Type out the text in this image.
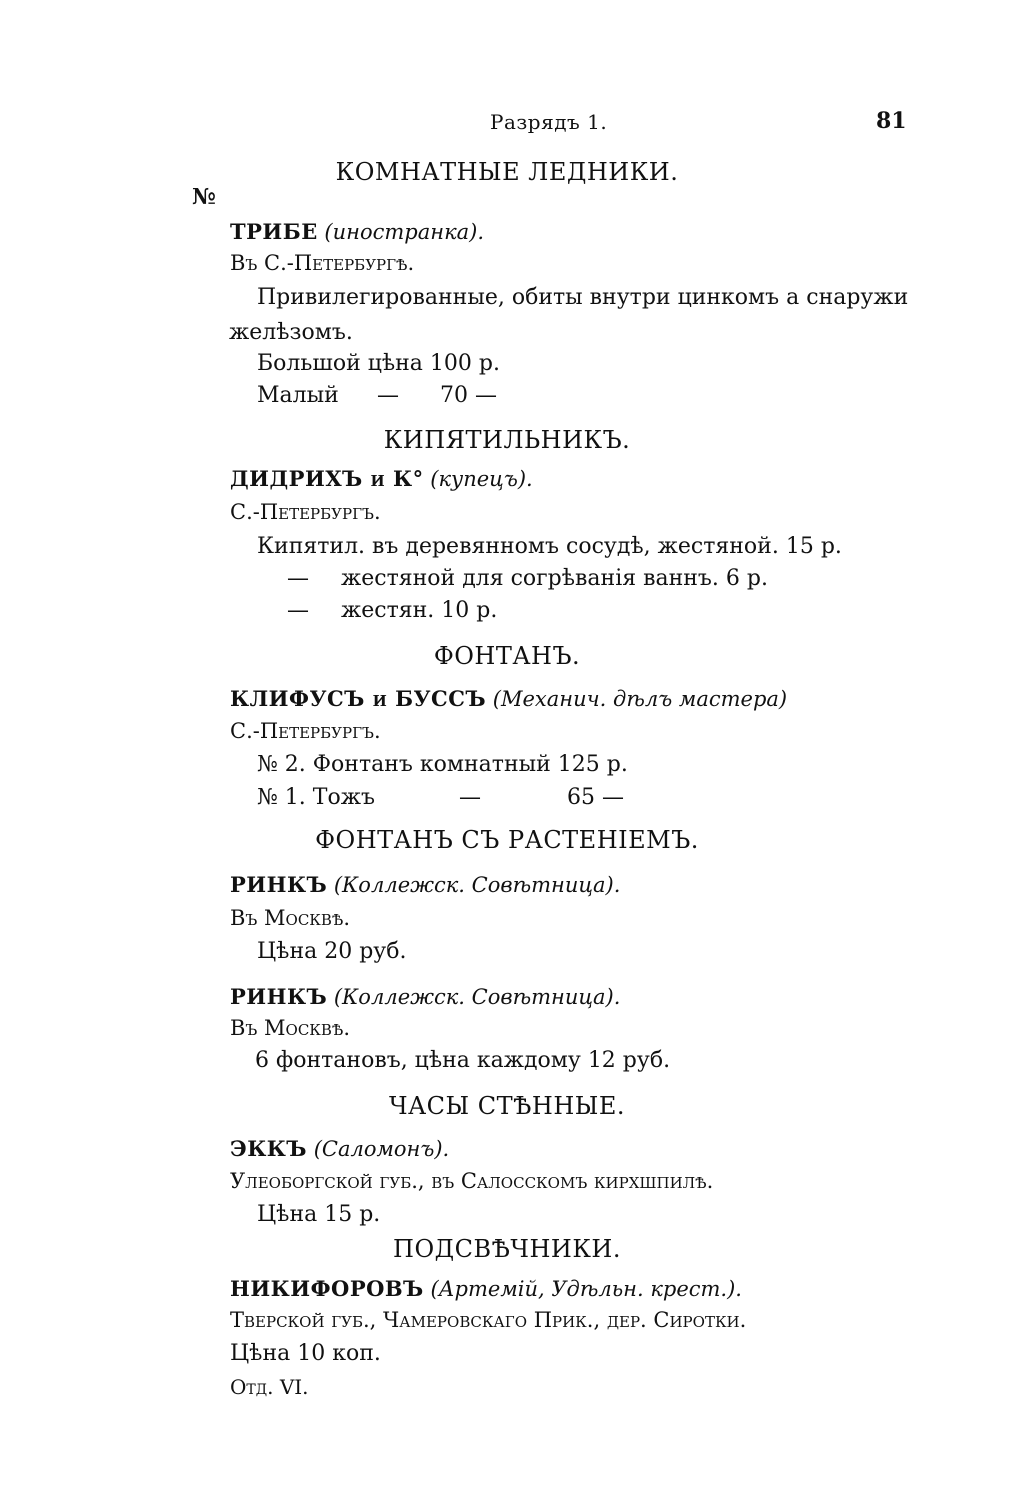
Разрядъ 1.	81
№
КОМНАТНЫЕ ЛЕДНИКИ.
ТРИБЕ (иностранка).
Въ С.-Петербургѣ.
Привилегированные, обиты внутри цинкомъ а снаружи
желѣзомъ.
Большой цѣна 100 р.
Малый — 70 —
КИПЯТИЛЬНИКЪ.
ДИДРИХЪ и К° (купецъ).
С.-Петербургъ.
Кипятил. въ деревянномъ сосудѣ, жестяной. 15 р.
— жестяной для согрѣванія ваннъ. 6 р.
— жестян. 10 р.
ФОНТАНЪ.
КЛИФУСЪ и БУССЪ (Механич. дѣлъ мастера)
С.-Петербургъ.
№ 2. Фонтанъ комнатный 125 р.
№ 1. Тожъ	—	65 —
ФОНТАНЪ СЪ РАСТЕНІЕМЪ.
РИНКЪ (Коллежск. Совѣтница).
Въ Москвѣ.
Цѣна 20 руб.
РИНКЪ (Коллежск. Совѣтница).
Въ Москвѣ.
6 фонтановъ, цѣна каждому 12 руб.
ЧАСЫ СТѢННЫЕ.
ЭККЪ (Саломонъ).
Улеоборгской губ., въ Салосскомъ кирхшпилѣ.
Цѣна 15 р.
ПОДСВѢЧНИКИ.
НИКИФОРОВЪ (Артемій, Удѣльн. крест.).
Тверской губ., Чамеровскаго Прик., дер. Сиротки.
Цѣна 10 коп.
Отд. VI.
